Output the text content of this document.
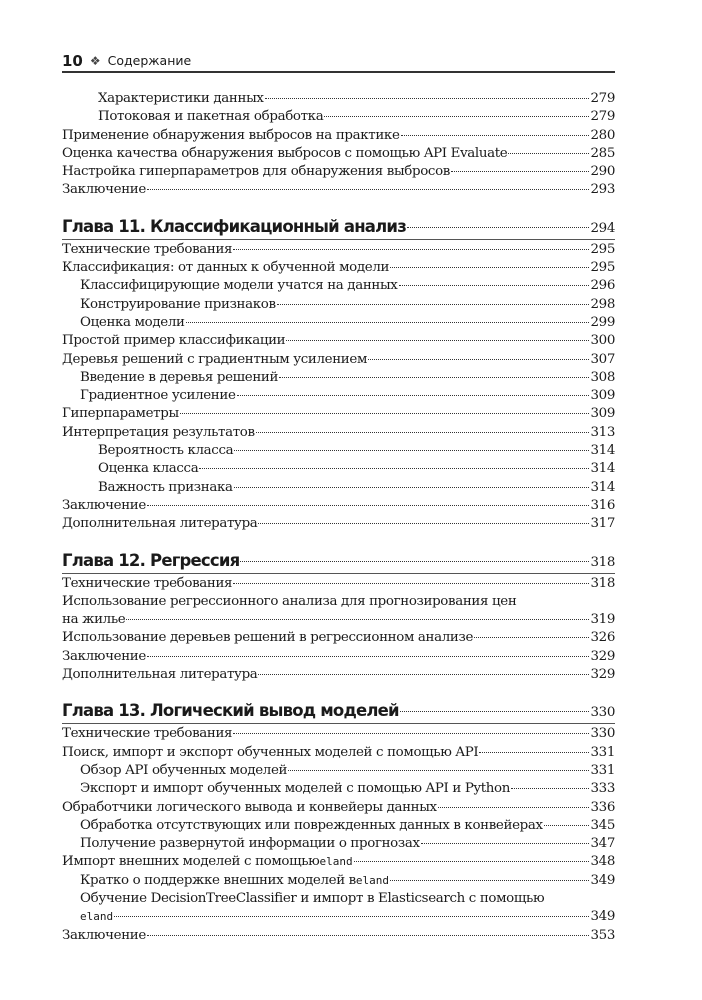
10 ❖ Содержание
Характеристики данных	279
Потоковая и пакетная обработка	279
Применение обнаружения выбросов на практике	280
Оценка качества обнаружения выбросов с помощью API Evaluate	285
Настройка гиперпараметров для обнаружения выбросов	290
Заключение	293
Глава 11. Классификационный анализ	294
Технические требования	295
Классификация: от данных к обученной модели	295
Классифицирующие модели учатся на данных	296
Конструирование признаков	298
Оценка модели	299
Простой пример классификации	300
Деревья решений с градиентным усилением	307
Введение в деревья решений	308
Градиентное усиление	309
Гиперпараметры	309
Интерпретация результатов	313
Вероятность класса	314
Оценка класса	314
Важность признака	314
Заключение	316
Дополнительная литература	317
Глава 12. Регрессия	318
Технические требования	318
Использование регрессионного анализа для прогнозирования цен
на жилье	319
Использование деревьев решений в регрессионном анализе	326
Заключение	329
Дополнительная литература	329
Глава 13. Логический вывод моделей	330
Технические требования	330
Поиск, импорт и экспорт обученных моделей с помощью API	331
Обзор API обученных моделей	331
Экспорт и импорт обученных моделей с помощью API и Python	333
Обработчики логического вывода и конвейеры данных	336
Обработка отсутствующих или поврежденных данных в конвейерах	345
Получение развернутой информации о прогнозах	347
Импорт внешних моделей с помощью eland	348
Кратко о поддержке внешних моделей в eland	349
Обучение DecisionTreeClassifier и импорт в Elasticsearch с помощью
eland	349
Заключение	353
